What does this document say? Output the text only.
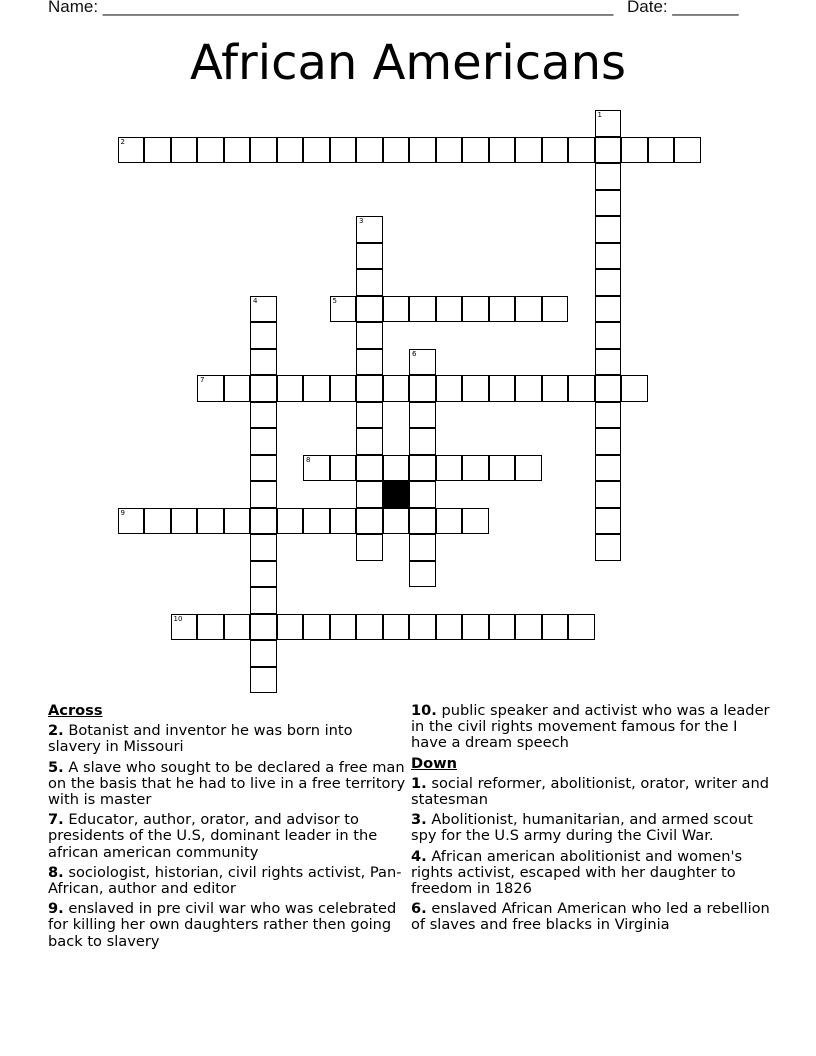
Name: ______________________________________________________ Date: _______
African Americans
1
2
3
4	5
6
7
8
9
10
Across
2. Botanist and inventor he was born into slavery in Missouri
5. A slave who sought to be declared a free man on the basis that he had to live in a free territory with is master
7. Educator, author, orator, and advisor to presidents of the U.S, dominant leader in the african american community
8. sociologist, historian, civil rights activist, Pan-African, author and editor
9. enslaved in pre civil war who was celebrated for killing her own daughters rather then going back to slavery
10. public speaker and activist who was a leader in the civil rights movement famous for the I have a dream speech
Down
1. social reformer, abolitionist, orator, writer and statesman
3. Abolitionist, humanitarian, and armed scout spy for the U.S army during the Civil War.
4. African american abolitionist and women's rights activist, escaped with her daughter to freedom in 1826
6. enslaved African American who led a rebellion of slaves and free blacks in Virginia
